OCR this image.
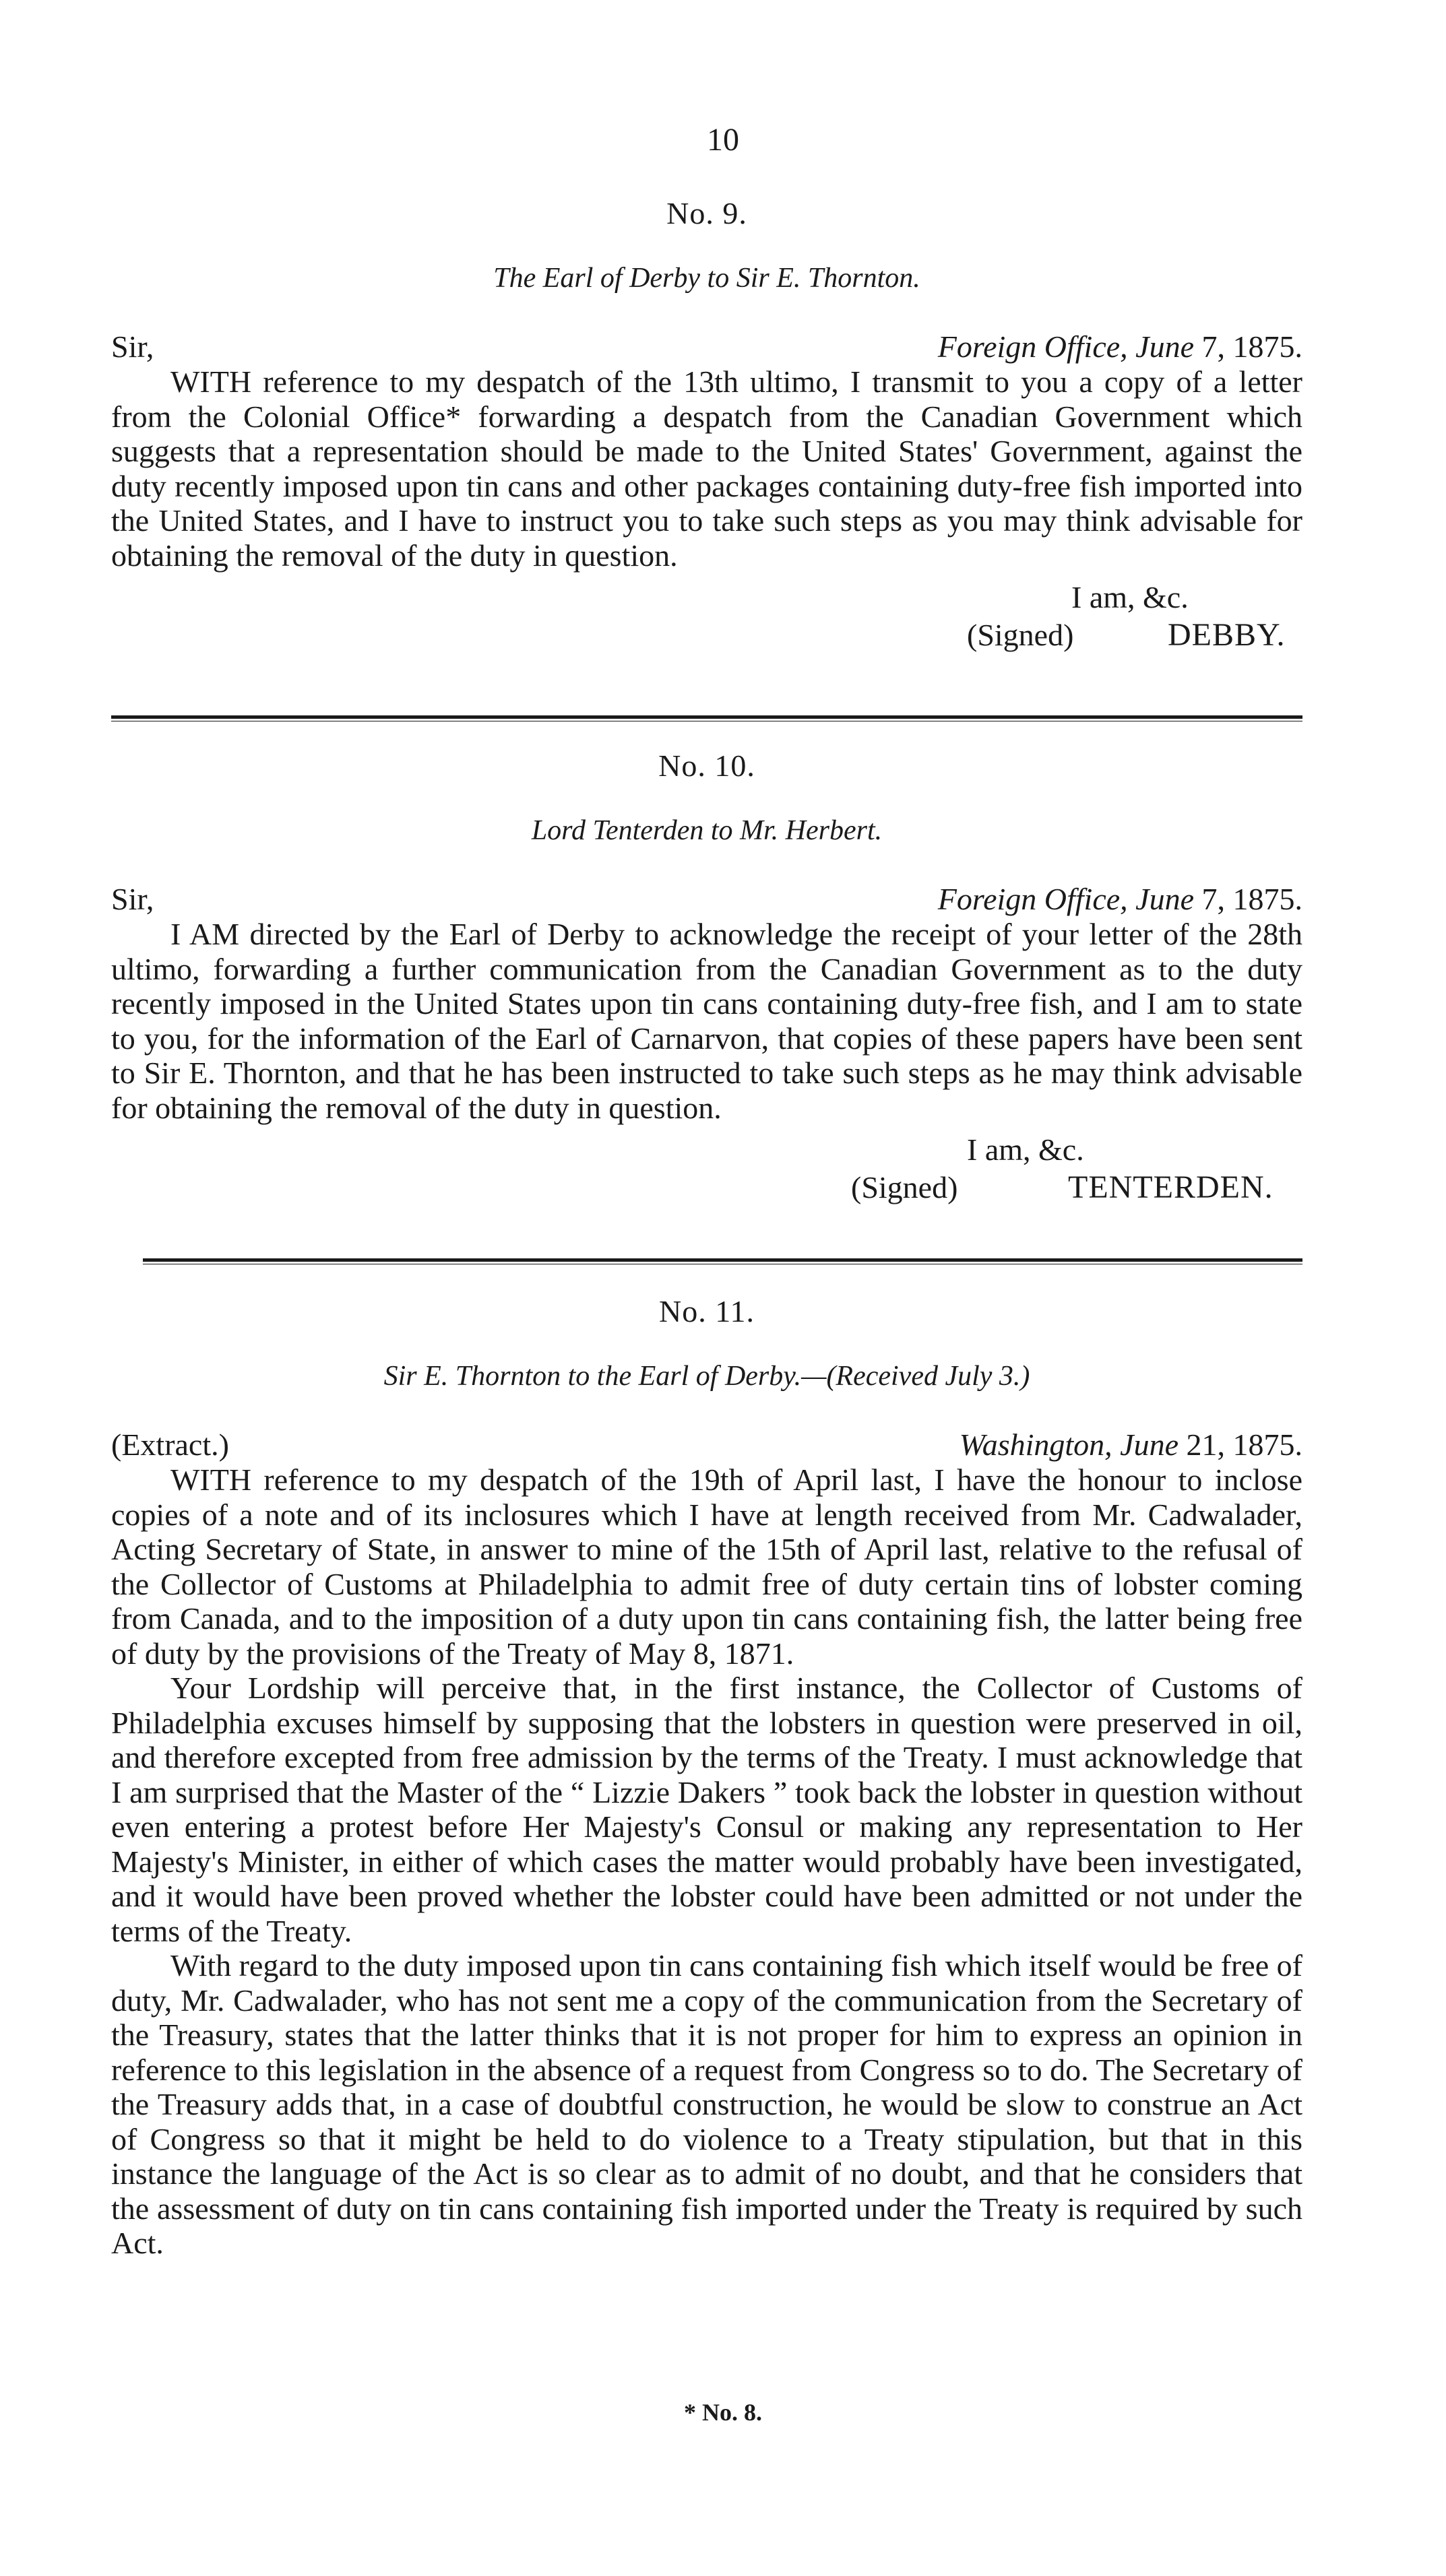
10
No. 9.
The Earl of Derby to Sir E. Thornton.
Sir,	Foreign Office, June 7, 1875.

WITH reference to my despatch of the 13th ultimo, I transmit to you a copy of a letter from the Colonial Office* forwarding a despatch from the Canadian Government which suggests that a representation should be made to the United States' Government, against the duty recently imposed upon tin cans and other packages containing duty-free fish imported into the United States, and I have to instruct you to take such steps as you may think advisable for obtaining the removal of the duty in question.

I am, &c.
(Signed)	DEBBY.
No. 10.
Lord Tenterden to Mr. Herbert.
Sir,	Foreign Office, June 7, 1875.

I AM directed by the Earl of Derby to acknowledge the receipt of your letter of the 28th ultimo, forwarding a further communication from the Canadian Government as to the duty recently imposed in the United States upon tin cans containing duty-free fish, and I am to state to you, for the information of the Earl of Carnarvon, that copies of these papers have been sent to Sir E. Thornton, and that he has been instructed to take such steps as he may think advisable for obtaining the removal of the duty in question.

I am, &c.
(Signed)	TENTERDEN.
No. 11.
Sir E. Thornton to the Earl of Derby.—(Received July 3.)
(Extract.)	Washington, June 21, 1875.

WITH reference to my despatch of the 19th of April last, I have the honour to inclose copies of a note and of its inclosures which I have at length received from Mr. Cadwalader, Acting Secretary of State, in answer to mine of the 15th of April last, relative to the refusal of the Collector of Customs at Philadelphia to admit free of duty certain tins of lobster coming from Canada, and to the imposition of a duty upon tin cans containing fish, the latter being free of duty by the provisions of the Treaty of May 8, 1871.

Your Lordship will perceive that, in the first instance, the Collector of Customs of Philadelphia excuses himself by supposing that the lobsters in question were preserved in oil, and therefore excepted from free admission by the terms of the Treaty. I must acknowledge that I am surprised that the Master of the “ Lizzie Dakers ” took back the lobster in question without even entering a protest before Her Majesty's Consul or making any representation to Her Majesty's Minister, in either of which cases the matter would probably have been investigated, and it would have been proved whether the lobster could have been admitted or not under the terms of the Treaty.

With regard to the duty imposed upon tin cans containing fish which itself would be free of duty, Mr. Cadwalader, who has not sent me a copy of the communication from the Secretary of the Treasury, states that the latter thinks that it is not proper for him to express an opinion in reference to this legislation in the absence of a request from Congress so to do. The Secretary of the Treasury adds that, in a case of doubtful construction, he would be slow to construe an Act of Congress so that it might be held to do violence to a Treaty stipulation, but that in this instance the language of the Act is so clear as to admit of no doubt, and that he considers that the assessment of duty on tin cans containing fish imported under the Treaty is required by such Act.

* No. 8.
